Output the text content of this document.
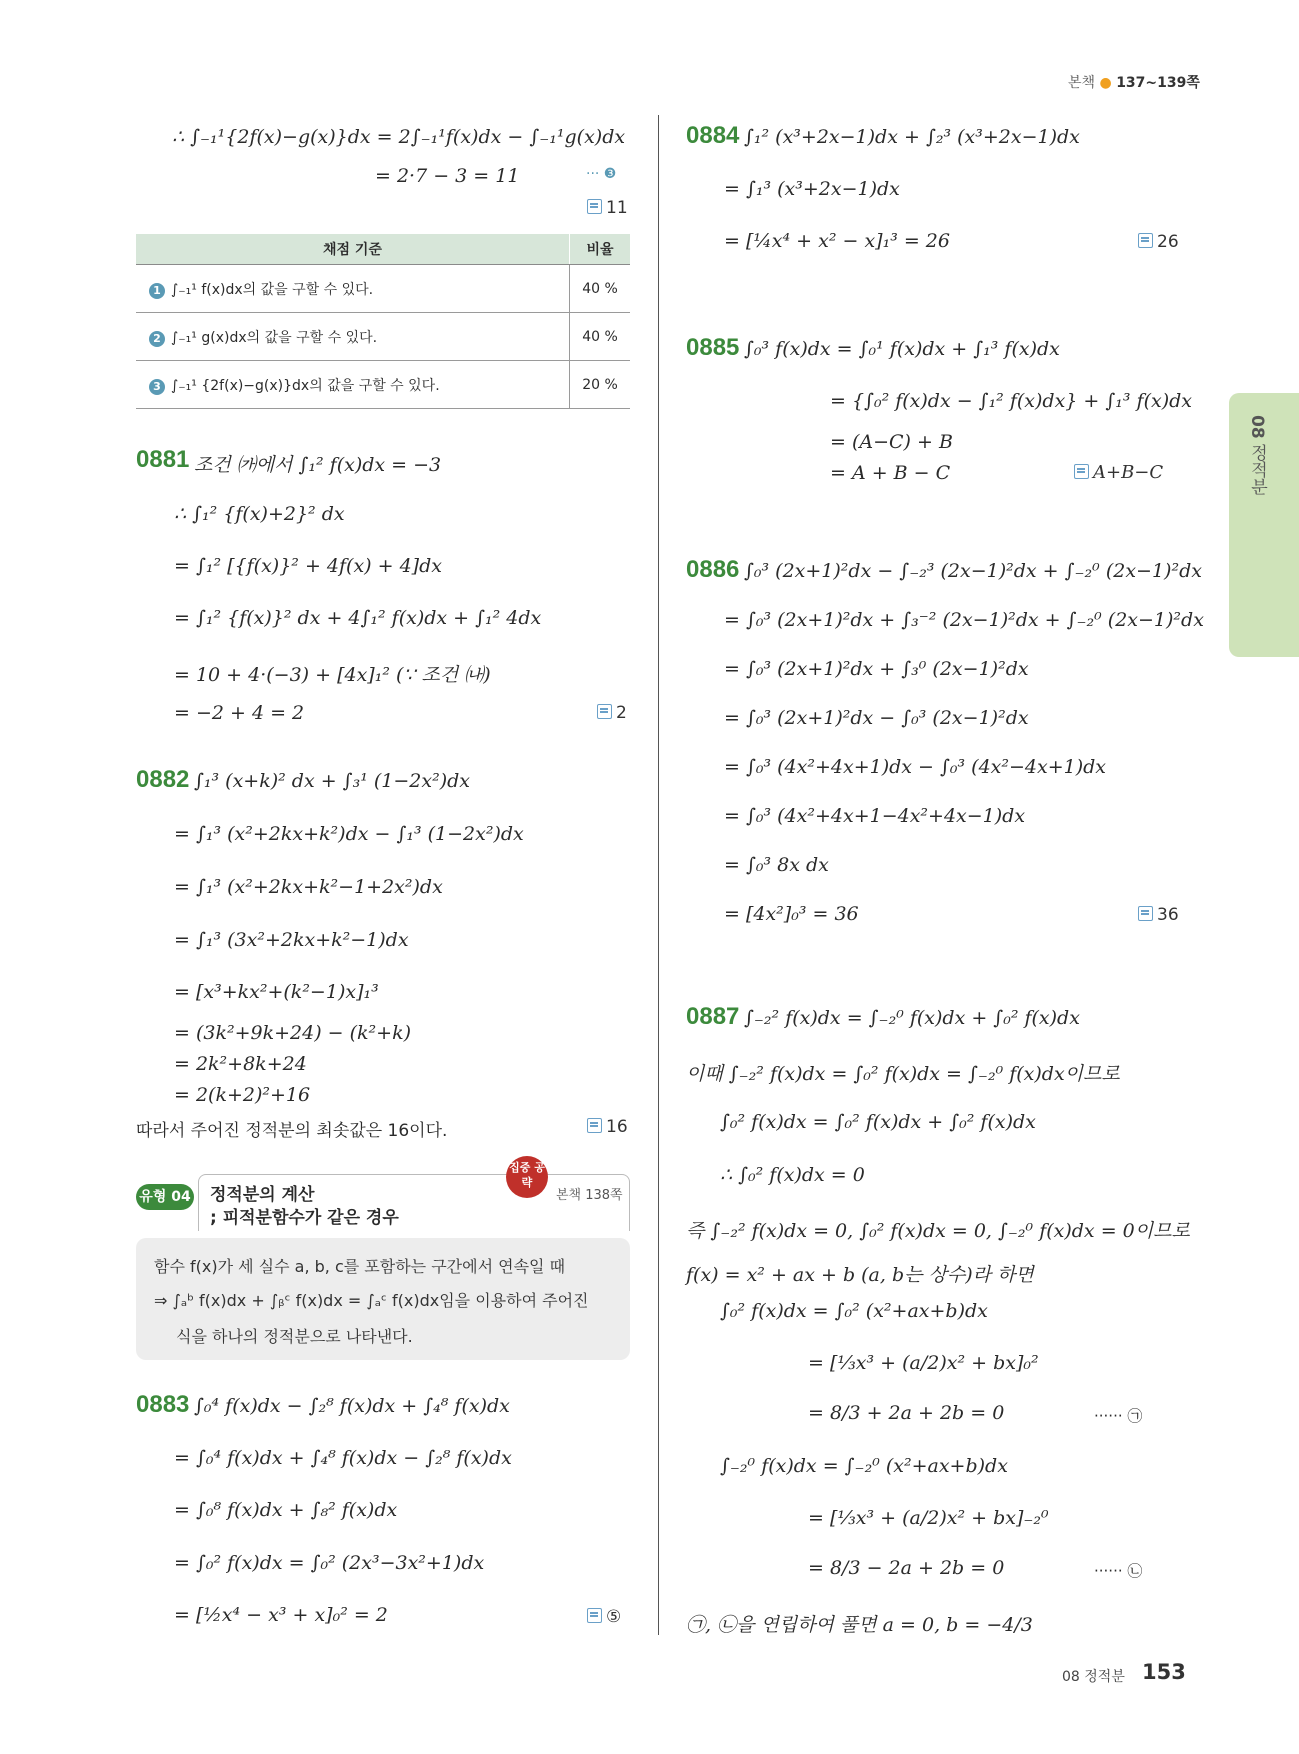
본책 ● 137~139쪽
08 정적분
∴ ∫₋₁¹{2f(x)−g(x)}dx = 2∫₋₁¹f(x)dx − ∫₋₁¹g(x)dx
= 2·7 − 3 = 11	··· ❸
11
채점 기준	비율
1 ∫₋₁¹ f(x)dx의 값을 구할 수 있다.	40 %
2 ∫₋₁¹ g(x)dx의 값을 구할 수 있다.	40 %
3 ∫₋₁¹ {2f(x)−g(x)}dx의 값을 구할 수 있다.	20 %
0881 조건 ㈎에서 ∫₁² f(x)dx = −3
∴ ∫₁² {f(x)+2}² dx
= ∫₁² [{f(x)}² + 4f(x) + 4]dx
= ∫₁² {f(x)}² dx + 4∫₁² f(x)dx + ∫₁² 4dx
= 10 + 4·(−3) + [4x]₁² (∵ 조건 ㈏)
= −2 + 4 = 2	2
0882 ∫₁³ (x+k)² dx + ∫₃¹ (1−2x²)dx
= ∫₁³ (x²+2kx+k²)dx − ∫₁³ (1−2x²)dx
= ∫₁³ (x²+2kx+k²−1+2x²)dx
= ∫₁³ (3x²+2kx+k²−1)dx
= [x³+kx²+(k²−1)x]₁³
= (3k²+9k+24) − (k²+k)
= 2k²+8k+24
= 2(k+2)²+16
따라서 주어진 정적분의 최솟값은 16이다.	16
유형 04 정적분의 계산
; 피적분함수가 같은 경우
집중 공략
본책 138쪽
함수 f(x)가 세 실수 a, b, c를 포함하는 구간에서 연속일 때
⇒ ∫ₐᵇ f(x)dx + ∫ᵦᶜ f(x)dx = ∫ₐᶜ f(x)dx임을 이용하여 주어진
식을 하나의 정적분으로 나타낸다.
0883 ∫₀⁴ f(x)dx − ∫₂⁸ f(x)dx + ∫₄⁸ f(x)dx
= ∫₀⁴ f(x)dx + ∫₄⁸ f(x)dx − ∫₂⁸ f(x)dx
= ∫₀⁸ f(x)dx + ∫₈² f(x)dx
= ∫₀² f(x)dx = ∫₀² (2x³−3x²+1)dx
= [½x⁴ − x³ + x]₀² = 2	⑤
0884 ∫₁² (x³+2x−1)dx + ∫₂³ (x³+2x−1)dx
= ∫₁³ (x³+2x−1)dx
= [¼x⁴ + x² − x]₁³ = 26	26
0885 ∫₀³ f(x)dx = ∫₀¹ f(x)dx + ∫₁³ f(x)dx
= {∫₀² f(x)dx − ∫₁² f(x)dx} + ∫₁³ f(x)dx
= (A−C) + B
= A + B − C	A+B−C
0886 ∫₀³ (2x+1)²dx − ∫₋₂³ (2x−1)²dx + ∫₋₂⁰ (2x−1)²dx
= ∫₀³ (2x+1)²dx + ∫₃⁻² (2x−1)²dx + ∫₋₂⁰ (2x−1)²dx
= ∫₀³ (2x+1)²dx + ∫₃⁰ (2x−1)²dx
= ∫₀³ (2x+1)²dx − ∫₀³ (2x−1)²dx
= ∫₀³ (4x²+4x+1)dx − ∫₀³ (4x²−4x+1)dx
= ∫₀³ (4x²+4x+1−4x²+4x−1)dx
= ∫₀³ 8x dx
= [4x²]₀³ = 36	36
0887 ∫₋₂² f(x)dx = ∫₋₂⁰ f(x)dx + ∫₀² f(x)dx
이때 ∫₋₂² f(x)dx = ∫₀² f(x)dx = ∫₋₂⁰ f(x)dx이므로
∫₀² f(x)dx = ∫₀² f(x)dx + ∫₀² f(x)dx
∴ ∫₀² f(x)dx = 0
즉 ∫₋₂² f(x)dx = 0, ∫₀² f(x)dx = 0, ∫₋₂⁰ f(x)dx = 0이므로
f(x) = x² + ax + b (a, b는 상수)라 하면
∫₀² f(x)dx = ∫₀² (x²+ax+b)dx
= [⅓x³ + (a/2)x² + bx]₀²
= 8/3 + 2a + 2b = 0	······ ㉠
∫₋₂⁰ f(x)dx = ∫₋₂⁰ (x²+ax+b)dx
= [⅓x³ + (a/2)x² + bx]₋₂⁰
= 8/3 − 2a + 2b = 0	······ ㉡
㉠, ㉡을 연립하여 풀면 a = 0, b = −4/3
08 정적분 153
